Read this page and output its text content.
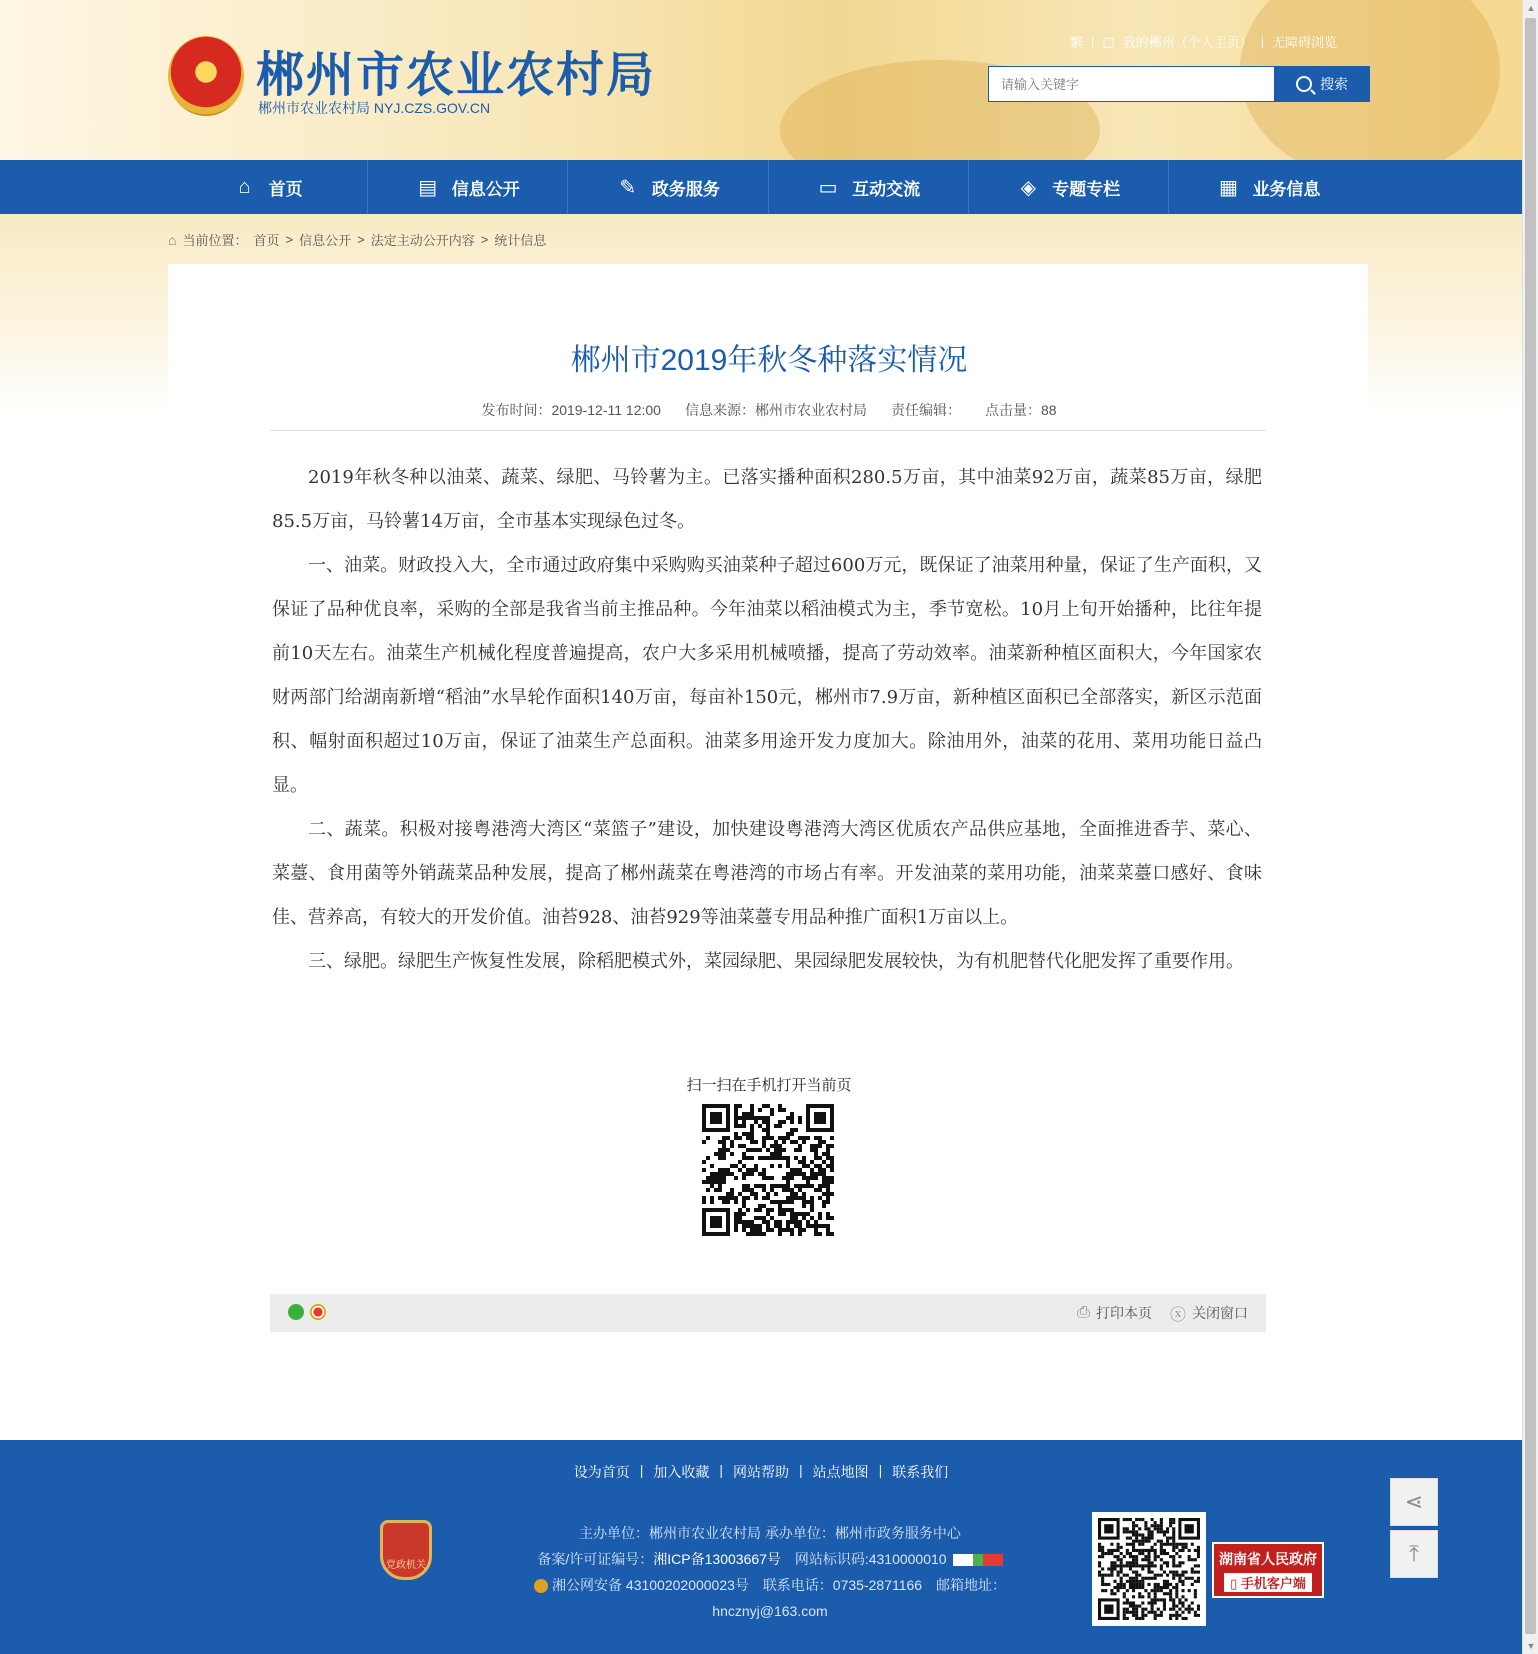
郴州市农业农村局
郴州市农业农村局 NYJ.CZS.GOV.CN
繁 | ▢ 我的郴州（个人主页） | 无障碍浏览
请输入关键字
搜索
⌂	首页	▤ 信息公开	✎ 政务服务	▭ 互动交流	◈ 专题专栏	▦ 业务信息
⌂ 当前位置： 首页 > 信息公开 > 法定主动公开内容 > 统计信息
郴州市2019年秋冬种落实情况
发布时间：2019-12-11 12:00 信息来源：郴州市农业农村局 责任编辑： 点击量：88

2019年秋冬种以油菜、蔬菜、绿肥、马铃薯为主。已落实播种面积280.5万亩，其中油菜92万亩，蔬菜85万亩，绿肥85.5万亩，马铃薯14万亩，全市基本实现绿色过冬。

一、油菜。财政投入大，全市通过政府集中采购购买油菜种子超过600万元，既保证了油菜用种量，保证了生产面积，又保证了品种优良率，采购的全部是我省当前主推品种。今年油菜以稻油模式为主，季节宽松。10月上旬开始播种，比往年提前10天左右。油菜生产机械化程度普遍提高，农户大多采用机械喷播，提高了劳动效率。油菜新种植区面积大，今年国家农财两部门给湖南新增“稻油”水旱轮作面积140万亩，每亩补150元，郴州市7.9万亩，新种植区面积已全部落实，新区示范面积、幅射面积超过10万亩，保证了油菜生产总面积。油菜多用途开发力度加大。除油用外，油菜的花用、菜用功能日益凸显。

二、蔬菜。积极对接粤港湾大湾区“菜篮子”建设，加快建设粤港湾大湾区优质农产品供应基地，全面推进香芋、菜心、菜薹、食用菌等外销蔬菜品种发展，提高了郴州蔬菜在粤港湾的市场占有率。开发油菜的菜用功能，油菜菜薹口感好、食味佳、营养高，有较大的开发价值。油苔928、油苔929等油菜薹专用品种推广面积1万亩以上。

三、绿肥。绿肥生产恢复性发展，除稻肥模式外，菜园绿肥、果园绿肥发展较快，为有机肥替代化肥发挥了重要作用。

扫一扫在手机打开当前页
⎙ 打印本页 ⓧ 关闭窗口
设为首页 | 加入收藏 | 网站帮助 | 站点地图 | 联系我们
党政机关
主办单位：郴州市农业农村局 承办单位：郴州市政务服务中心
备案/许可证编号：湘ICP备13003667号 网站标识码:4310000010
湘公网安备 43100202000023号 联系电话：0735-2871166 邮箱地址：
hncznyj@163.com
湖南省人民政府
▯ 手机客户端
⋖
⤒
▲
▼
